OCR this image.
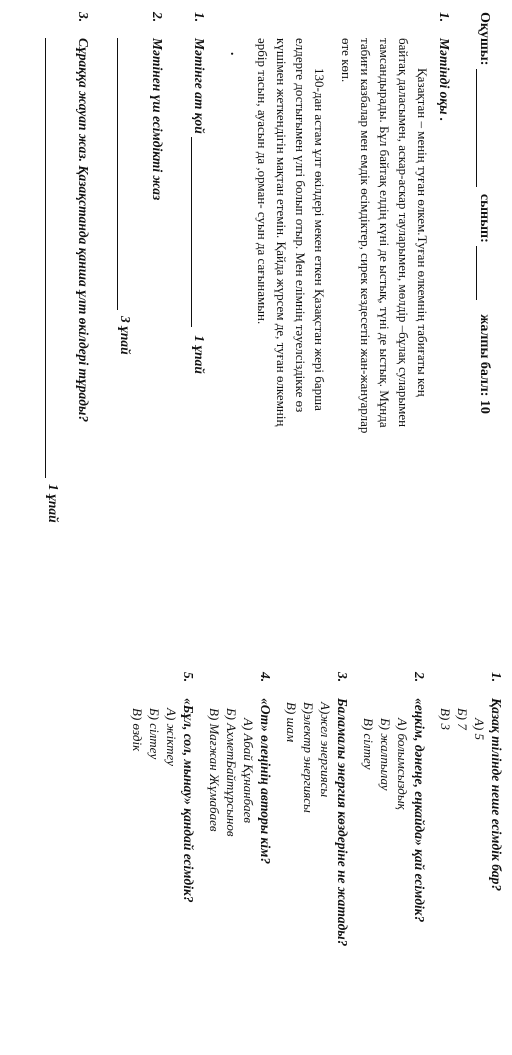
Оқушы:   сынып:     жалпы балл: 10

1.Мәтінді оқы .

Қазақтан – менің туған өлкем.Туған өлкемнің табиғаты кең
байтақ даласымен, аскар-аскар тауларымен, мөлдір –бұлақ суларымен
тамсандырады. Бұл байтақ елдің күні де ыстық, түні де ыстық. Мұнда
табиғи казбалар мен емдік өсімдіктер, сирек кездесетін жан-жануарлар
өте көп.
130-дан астам ұлт өкілдері мекен еткен Қазақстан жері барша
елдерге достығымен үлгі болып отыр. Мен елімнің тәуелсіздікке өз
күшімен жеткендігін мақтан етемін. Қайда жүрсем де, туған өлкемнің
әрбір тасын, ауасын да ,орман- суын да сағынамын.
.
1.Мәтінге ат қой 1 ұпай
2.Мәтінен үш есімдікті жаз
3 ұпай
3.Сұраққа жауап жаз. Қазақстанда қанша ұлт өкілдері тұрады?
1 ұпай
1.Қазақ тілінде неше есімдік бар?
А) 5
Б) 7
В) 3
2.«еңкім, дәнеңе, еңкайда» қай есімдік?
А) болымсыздық
Б) жалпылау
В) сілтеу
3.Баламалы энергия көздеріне не жатады?
А)жел энергиясы
Б)электр энергиясы
В) шам
4.«От» өлеңінің авторы кім?
А) Абай Құнанбаев
Б) АхметБайтұрсынов
В) Мағжан Жұмабаев
5.«Бұл, сол, мынау» қандай есімдік?
А) жіктеу
Б) сілтеу
В) өздік
